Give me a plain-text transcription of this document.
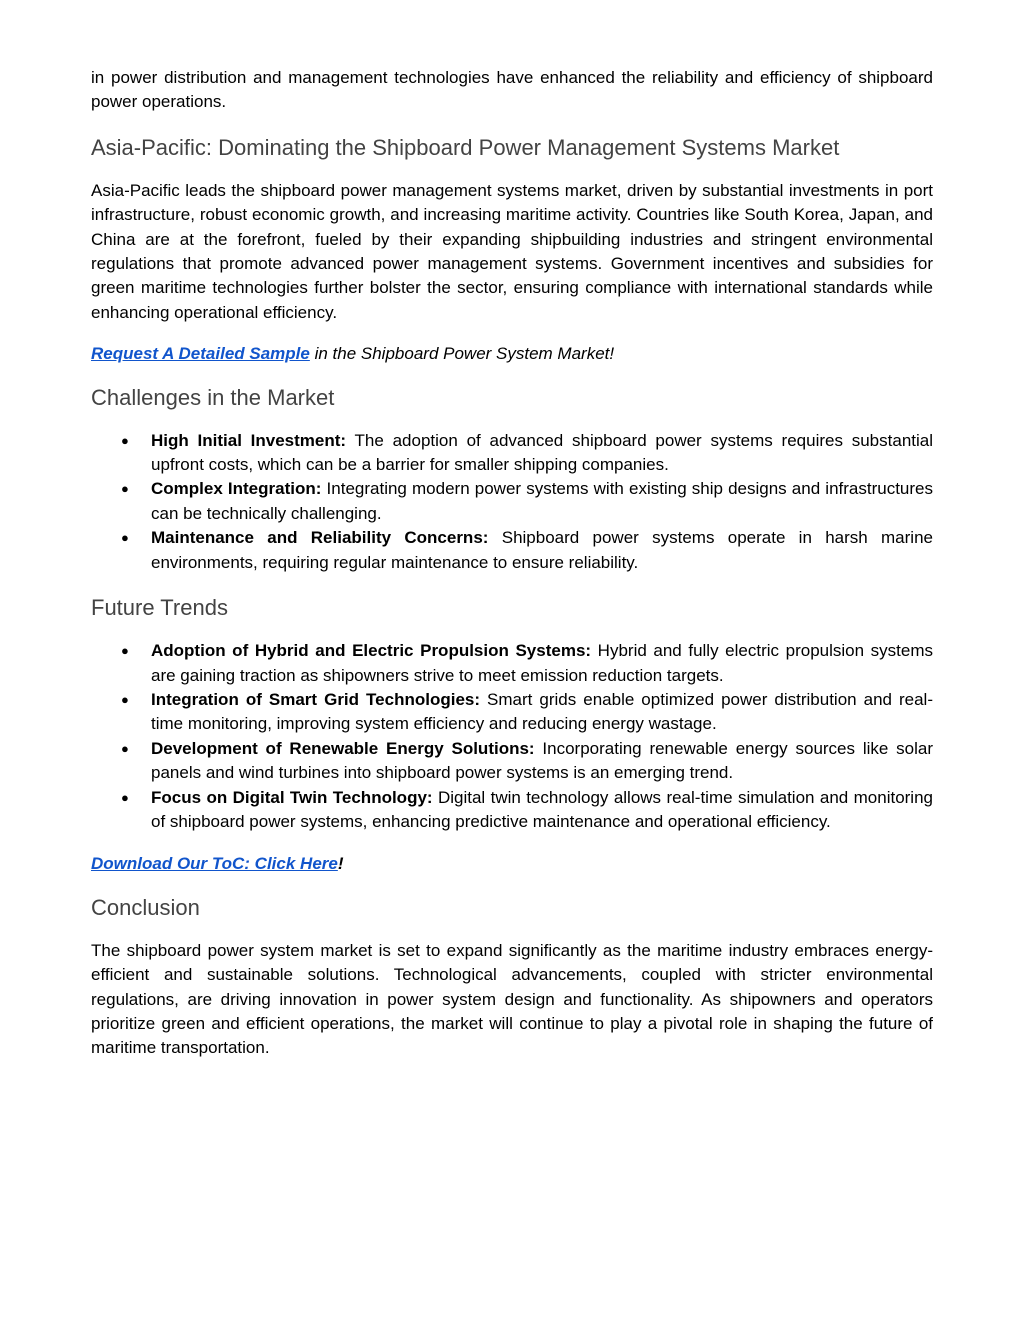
in power distribution and management technologies have enhanced the reliability and efficiency of shipboard power operations.

Asia-Pacific: Dominating the Shipboard Power Management Systems Market

Asia-Pacific leads the shipboard power management systems market, driven by substantial investments in port infrastructure, robust economic growth, and increasing maritime activity. Countries like South Korea, Japan, and China are at the forefront, fueled by their expanding shipbuilding industries and stringent environmental regulations that promote advanced power management systems. Government incentives and subsidies for green maritime technologies further bolster the sector, ensuring compliance with international standards while enhancing operational efficiency.

Request A Detailed Sample in the Shipboard Power System Market!

Challenges in the Market
● High Initial Investment: The adoption of advanced shipboard power systems requires substantial upfront costs, which can be a barrier for smaller shipping companies.
● Complex Integration: Integrating modern power systems with existing ship designs and infrastructures can be technically challenging.
● Maintenance and Reliability Concerns: Shipboard power systems operate in harsh marine environments, requiring regular maintenance to ensure reliability.
Future Trends
● Adoption of Hybrid and Electric Propulsion Systems: Hybrid and fully electric propulsion systems are gaining traction as shipowners strive to meet emission reduction targets.
● Integration of Smart Grid Technologies: Smart grids enable optimized power distribution and real-time monitoring, improving system efficiency and reducing energy wastage.
● Development of Renewable Energy Solutions: Incorporating renewable energy sources like solar panels and wind turbines into shipboard power systems is an emerging trend.
● Focus on Digital Twin Technology: Digital twin technology allows real-time simulation and monitoring of shipboard power systems, enhancing predictive maintenance and operational efficiency.

Download Our ToC: Click Here!

Conclusion

The shipboard power system market is set to expand significantly as the maritime industry embraces energy-efficient and sustainable solutions. Technological advancements, coupled with stricter environmental regulations, are driving innovation in power system design and functionality. As shipowners and operators prioritize green and efficient operations, the market will continue to play a pivotal role in shaping the future of maritime transportation.
